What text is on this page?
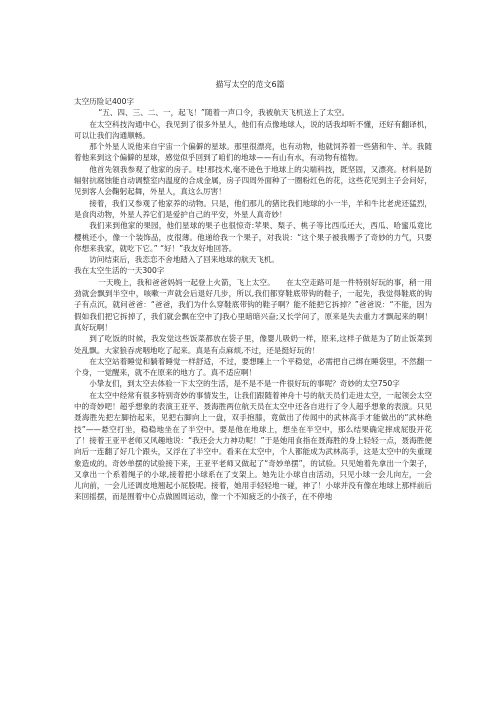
描写太空的范文6篇
太空历险记400字

“五、四、三、二、一，起飞！”随着一声口令，我被航天飞机送上了太空。

在太空科技沟通中心，我见到了很多外星人，他们有点像地球人，说的话我却听不懂，还好有翻译机，可以让我们沟通顺畅。

那个外星人说他来自宇宙一个偏僻的星球。那里很漂亮，也有动物，他就饲养着一些猪和牛、羊。我随着他来到这个偏僻的星球，感觉似乎回到了咱们的地球——有山有水，有动物有植物。

他首先领我参观了他家的房子。哇!那技术,毫不逊色于地球上的尖端科技，既坚固，又漂亮。材料是防辐射抗腐蚀能自动调整室内温度的合成金属，房子四周外面种了一圈粉红色的花，这些花见到主子会问好，见到客人会鞠躬起舞，外星人，真这么厉害！

接着，我们又参观了他家养的动物。只是，他们那儿的猪比我们地球的小一半，羊和牛比老虎还猛烈，是食肉动物，外星人养它们是爱护自己的平安，外星人真奇妙！

我们来到他家的果园，他们星球的果子也很惊奇:苹果、梨子、桃子等比西瓜还大，西瓜、哈蜜瓜竟比樱桃还小，像一个装饰品，皮很薄。他递给我一个果子，对我说：“这个果子被我赐予了奇妙的力气，只要你想来我家，就吃下它。” “好！”我友好地回答。

访问结束后，我恋恋不舍地踏入了回来地球的航天飞机。

我在太空生活的一天300字

一天晚上，我和爸爸妈妈一起登上火箭，飞上太空。　　在太空走路可是一件特别好玩的事，稍一用劲就会飘到半空中，咳嗽一声就会后退好几步，所以,我们都穿鞋底带钩的鞋子，一起先，我觉得鞋底的钩子有点沉，就问爸爸：“爸爸，我们为什么穿鞋底带钩的鞋子啊？能不能把它拆掉？”爸爸说：“不能，因为假如我们把它拆掉了，我们就会飘在空中了J我心里暗暗兴奋;又长学问了，原来是失去重力才飘起来的啊！真好玩啊！

到了吃饭的时候，我发觉这些饭菜都放在袋子里，像婴儿吸奶一样，原来,这样子做是为了防止饭菜到处乱飘。大家狼吞虎咽地吃了起来。真是有点麻烦,不过，还是挺好玩的！

在太空站着睡觉和躺着睡觉一样舒适，不过，要想睡上一个平稳觉，必需把自己绑在睡袋里，不然翻一个身，一觉醒来，就不在原来的地方了。真不适应啊！

小挚友们，到太空去体验一下太空的生活，是不是不是一件很好玩的事呢？奇妙的太空750字

在太空中经常有很多特别奇妙的事情发生，让我们跟随着神舟十号的航天员们走进太空，一起领会太空中的奇妙吧！超乎想象的表演王亚平、聂海胜两位航天员在太空中还各自进行了令人超乎想象的表演。只见聂海胜先把左脚抬起来，见把右脚向上一盘，双手抱膝，竟做出了传闻中的武林高手才能做出的“武林绝技”——悬空打坐，稳稳地坐在了半空中。要是他在地球上，想坐在半空中，那么结果确定摔成屁股开花了！接着王亚平老师又风趣地说：“我还会大力神功呢！”于是她用食指在聂海胜的身上轻轻一点，聂海胜便向后一连翻了好几个跟头，又浮在了半空中。看来在太空中，个人都能成为武林高手，这是太空中的失重现象造成的。奇妙单摆的试验接下来，王亚平老师又做起了“奇妙单摆”，的试验。只见她着先拿出一个架子，又拿出一个系着绳子的小球,接着把小球系在了支架上。她先让小球自由活动，只见小球一会儿向左，一会儿向前，一会儿还调皮地翘起小屁股呢。接着，她用手轻轻地一碰，神了！小球并没有像在地球上那样前后来回摇摆，而是围着中心点做圆周运动，像一个不知疲乏的小孩子，在不停地
